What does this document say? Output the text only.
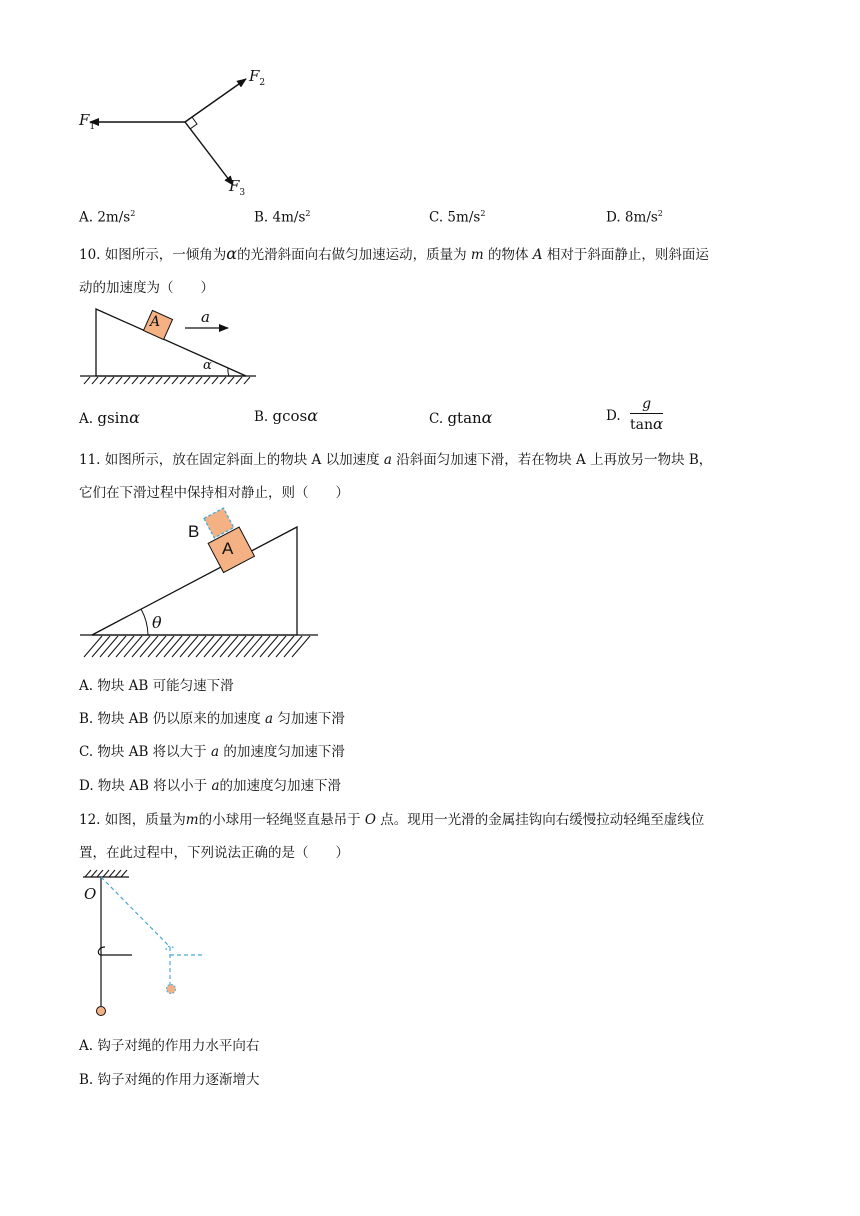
$F_1$
$F_2$
$F_3$
A. $2m/s^2$	B. $4m/s^2$	C. $5m/s^2$	D. $8m/s^2$
10. 如图所示，一倾角为α的光滑斜面向右做匀加速运动，质量为 m 的物体 A 相对于斜面静止，则斜面运
动的加速度为（　　）
A	a
α
A. gsinα	B. gcosα	C. gtanα	D. $\frac{g}{\tan\alpha}$
11. 如图所示，放在固定斜面上的物块 A 以加速度 a 沿斜面匀加速下滑，若在物块 A 上再放另一物块 B，
它们在下滑过程中保持相对静止，则（　　）
A
B
θ
A. 物块 AB 可能匀速下滑
B. 物块 AB 仍以原来的加速度 a 匀加速下滑
C. 物块 AB 将以大于 a 的加速度匀加速下滑
D. 物块 AB 将以小于 a的加速度匀加速下滑
12. 如图，质量为m的小球用一轻绳竖直悬吊于 O 点。现用一光滑的金属挂钩向右缓慢拉动轻绳至虚线位
置，在此过程中，下列说法正确的是（　　）
O
A. 钩子对绳的作用力水平向右
B. 钩子对绳的作用力逐渐增大
